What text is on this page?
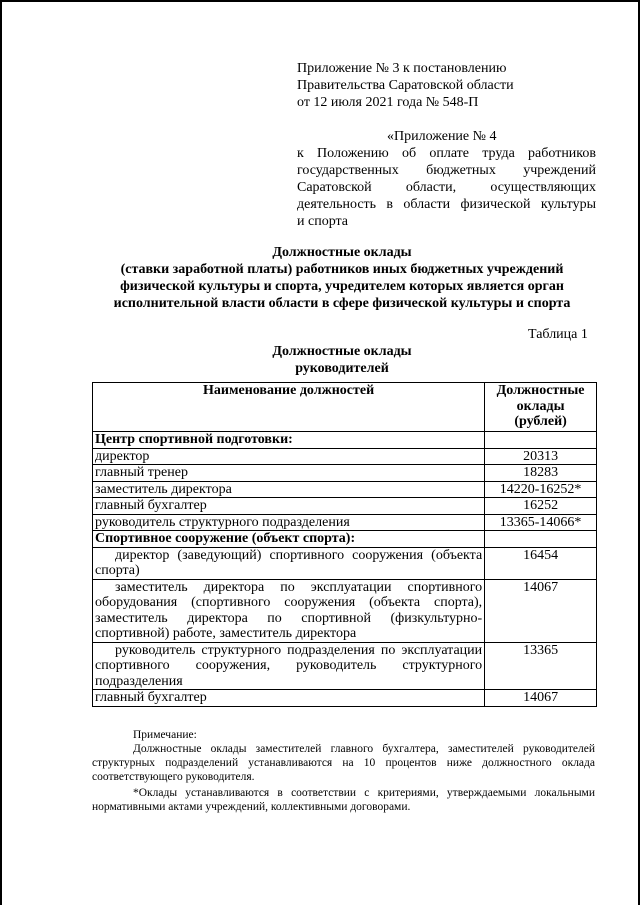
Приложение № 3 к постановлению
Правительства Саратовской области
от 12 июля 2021 года № 548-П
«Приложение № 4
к Положению об оплате труда работников
государственных бюджетных учреждений
Саратовской области, осуществляющих
деятельность в области физической культуры
и спорта
Должностные оклады
(ставки заработной платы) работников иных бюджетных учреждений
физической культуры и спорта, учредителем которых является орган
исполнительной власти области в сфере физической культуры и спорта
Таблица 1
Должностные оклады
руководителей
Наименование должностей	Должностные
оклады
(рублей)

Центр спортивной подготовки:	
директор	20313
главный тренер	18283
заместитель директора	14220-16252*
главный бухгалтер	16252
руководитель структурного подразделения	13365-14066*
Спортивное сооружение (объект спорта):	
директор (заведующий) спортивного сооружения (объекта спорта)	16454
заместитель директора по эксплуатации спортивного оборудования (спортивного сооружения (объекта спорта), заместитель директора по спортивной (физкультурно-спортивной) работе, заместитель директора	14067
руководитель структурного подразделения по эксплуатации спортивного сооружения, руководитель структурного подразделения	13365
главный бухгалтер	14067
Примечание:
Должностные оклады заместителей главного бухгалтера, заместителей руководителей
структурных подразделений устанавливаются на 10 процентов ниже должностного оклада
соответствующего руководителя.
*Оклады устанавливаются в соответствии с критериями, утверждаемыми локальными
нормативными актами учреждений, коллективными договорами.
